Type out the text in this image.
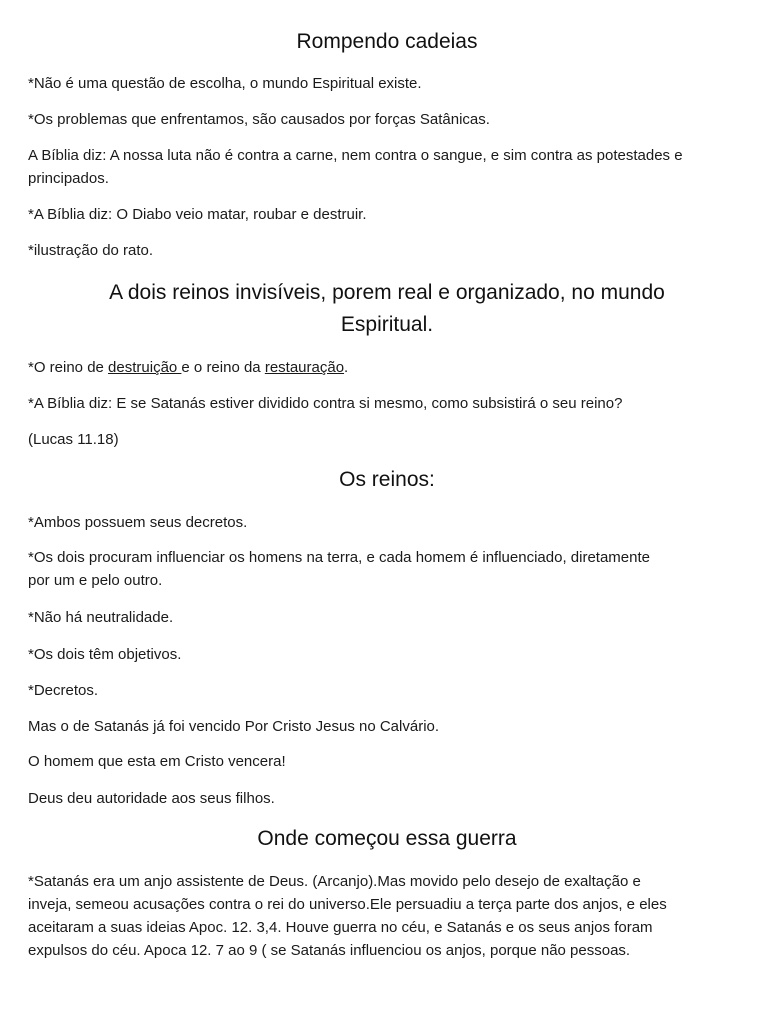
Rompendo cadeias

*Não é uma questão de escolha, o mundo Espiritual existe.

*Os problemas que enfrentamos, são causados por forças Satânicas.

A Bíblia diz: A nossa luta não é contra a carne, nem contra o sangue, e sim contra as potestades e
principados.

*A Bíblia diz: O Diabo veio matar, roubar e destruir.

*ilustração do rato.

A dois reinos invisíveis, porem real e organizado, no mundo
Espiritual.

*O reino de destruição e o reino da restauração.

*A Bíblia diz: E se Satanás estiver dividido contra si mesmo, como subsistirá o seu reino?

(Lucas 11.18)

Os reinos:

*Ambos possuem seus decretos.

*Os dois procuram influenciar os homens na terra, e cada homem é influenciado, diretamente
por um e pelo outro.

*Não há neutralidade.

*Os dois têm objetivos.

*Decretos.

Mas o de Satanás já foi vencido Por Cristo Jesus no Calvário.

O homem que esta em Cristo vencera!

Deus deu autoridade aos seus filhos.

Onde começou essa guerra

*Satanás era um anjo assistente de Deus. (Arcanjo).Mas movido pelo desejo de exaltação e
inveja, semeou acusações contra o rei do universo.Ele persuadiu a terça parte dos anjos, e eles
aceitaram a suas ideias Apoc. 12. 3,4. Houve guerra no céu, e Satanás e os seus anjos foram
expulsos do céu. Apoca 12. 7 ao 9 ( se Satanás influenciou os anjos, porque não pessoas.
